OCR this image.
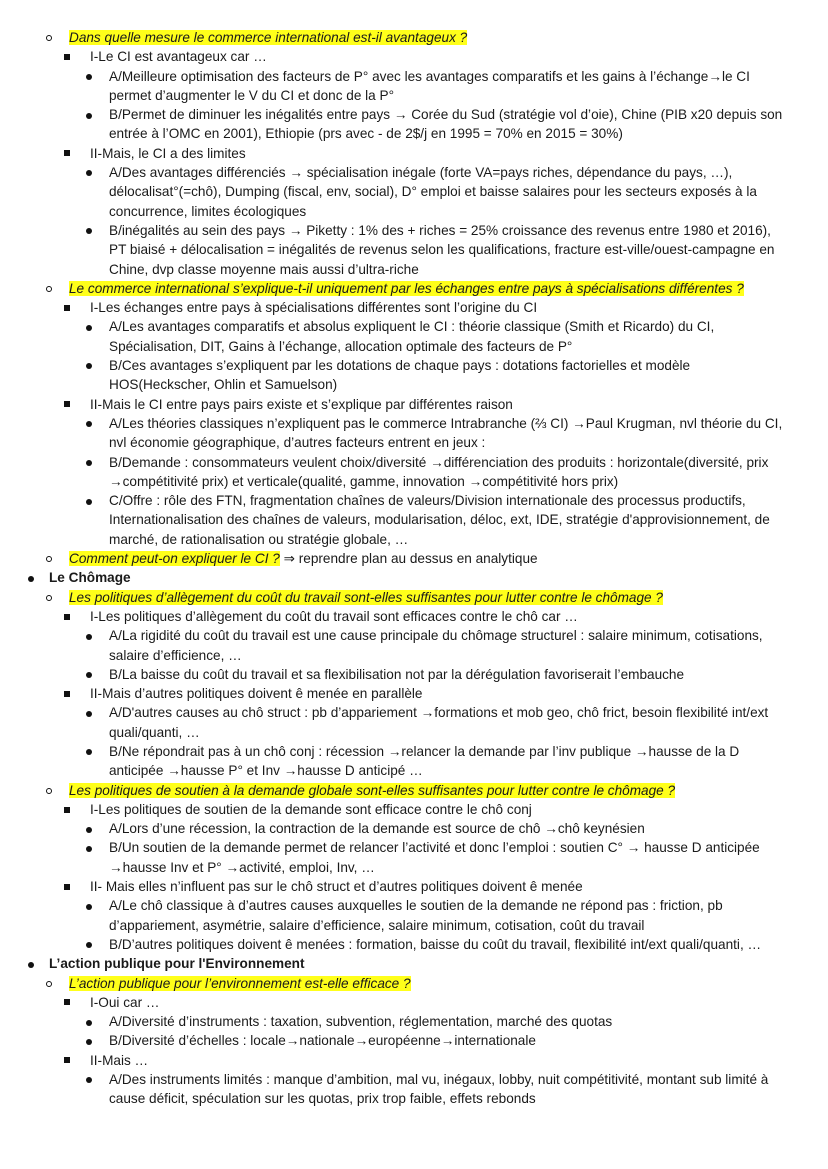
Dans quelle mesure le commerce international est-il avantageux ?
I-Le CI est avantageux car …
A/Meilleure optimisation des facteurs de P° avec les avantages comparatifs et les gains à l’échange→le CI permet d’augmenter le V du CI et donc de la P°
B/Permet de diminuer les inégalités entre pays → Corée du Sud (stratégie vol d’oie), Chine (PIB x20 depuis son entrée à l’OMC en 2001), Ethiopie (prs avec - de 2$/j en 1995 = 70% en 2015 = 30%)
II-Mais, le CI a des limites
A/Des avantages différenciés → spécialisation inégale (forte VA=pays riches, dépendance du pays, …), délocalisat°(=chô), Dumping (fiscal, env, social), D° emploi et baisse salaires pour les secteurs exposés à la concurrence, limites écologiques
B/inégalités au sein des pays → Piketty : 1% des + riches = 25% croissance des revenus entre 1980 et 2016), PT biaisé + délocalisation = inégalités de revenus selon les qualifications, fracture est-ville/ouest-campagne en Chine, dvp classe moyenne mais aussi d’ultra-riche
Le commerce international s’explique-t-il uniquement par les échanges entre pays à spécialisations différentes ?
I-Les échanges entre pays à spécialisations différentes sont l’origine du CI
A/Les avantages comparatifs et absolus expliquent le CI : théorie classique (Smith et Ricardo) du CI, Spécialisation, DIT, Gains à l’échange, allocation optimale des facteurs de P°
B/Ces avantages s’expliquent par les dotations de chaque pays : dotations factorielles et modèle HOS(Heckscher, Ohlin et Samuelson)
II-Mais le CI entre pays pairs existe et s’explique par différentes raison
A/Les théories classiques n’expliquent pas le commerce Intrabranche (⅔ CI) →Paul Krugman, nvl théorie du CI, nvl économie géographique, d’autres facteurs entrent en jeux :
B/Demande : consommateurs veulent choix/diversité →différenciation des produits : horizontale(diversité, prix →compétitivité prix) et verticale(qualité, gamme, innovation →compétitivité hors prix)
C/Offre : rôle des FTN, fragmentation chaînes de valeurs/Division internationale des processus productifs, Internationalisation des chaînes de valeurs, modularisation, déloc, ext, IDE, stratégie d'approvisionnement, de marché, de rationalisation ou stratégie globale, …
Comment peut-on expliquer le CI ? ⇒ reprendre plan au dessus en analytique
Le Chômage
Les politiques d’allègement du coût du travail sont-elles suffisantes pour lutter contre le chômage ?
I-Les politiques d’allègement du coût du travail sont efficaces contre le chô car …
A/La rigidité du coût du travail est une cause principale du chômage structurel : salaire minimum, cotisations, salaire d’efficience, …
B/La baisse du coût du travail et sa flexibilisation not par la dérégulation favoriserait l’embauche
II-Mais d’autres politiques doivent ê menée en parallèle
A/D'autres causes au chô struct : pb d’appariement →formations et mob geo, chô frict, besoin flexibilité int/ext quali/quanti, …
B/Ne répondrait pas à un chô conj : récession →relancer la demande par l’inv publique →hausse de la D anticipée →hausse P° et Inv →hausse D anticipé …
Les politiques de soutien à la demande globale sont-elles suffisantes pour lutter contre le chômage ?
I-Les politiques de soutien de la demande sont efficace contre le chô conj
A/Lors d’une récession, la contraction de la demande est source de chô →chô keynésien
B/Un soutien de la demande permet de relancer l’activité et donc l’emploi : soutien C° → hausse D anticipée →hausse Inv et P° →activité, emploi, Inv, …
II- Mais elles n’influent pas sur le chô struct et d’autres politiques doivent ê menée
A/Le chô classique à d’autres causes auxquelles le soutien de la demande ne répond pas : friction, pb d’appariement, asymétrie, salaire d’efficience, salaire minimum, cotisation, coût du travail
B/D’autres politiques doivent ê menées : formation, baisse du coût du travail, flexibilité int/ext quali/quanti, …
L’action publique pour l'Environnement
L’action publique pour l’environnement est-elle efficace ?
I-Oui car …
A/Diversité d’instruments : taxation, subvention, réglementation, marché des quotas
B/Diversité d’échelles : locale→nationale→européenne→internationale
II-Mais …
A/Des instruments limités : manque d’ambition, mal vu, inégaux, lobby, nuit compétitivité, montant sub limité à cause déficit, spéculation sur les quotas, prix trop faible, effets rebonds
